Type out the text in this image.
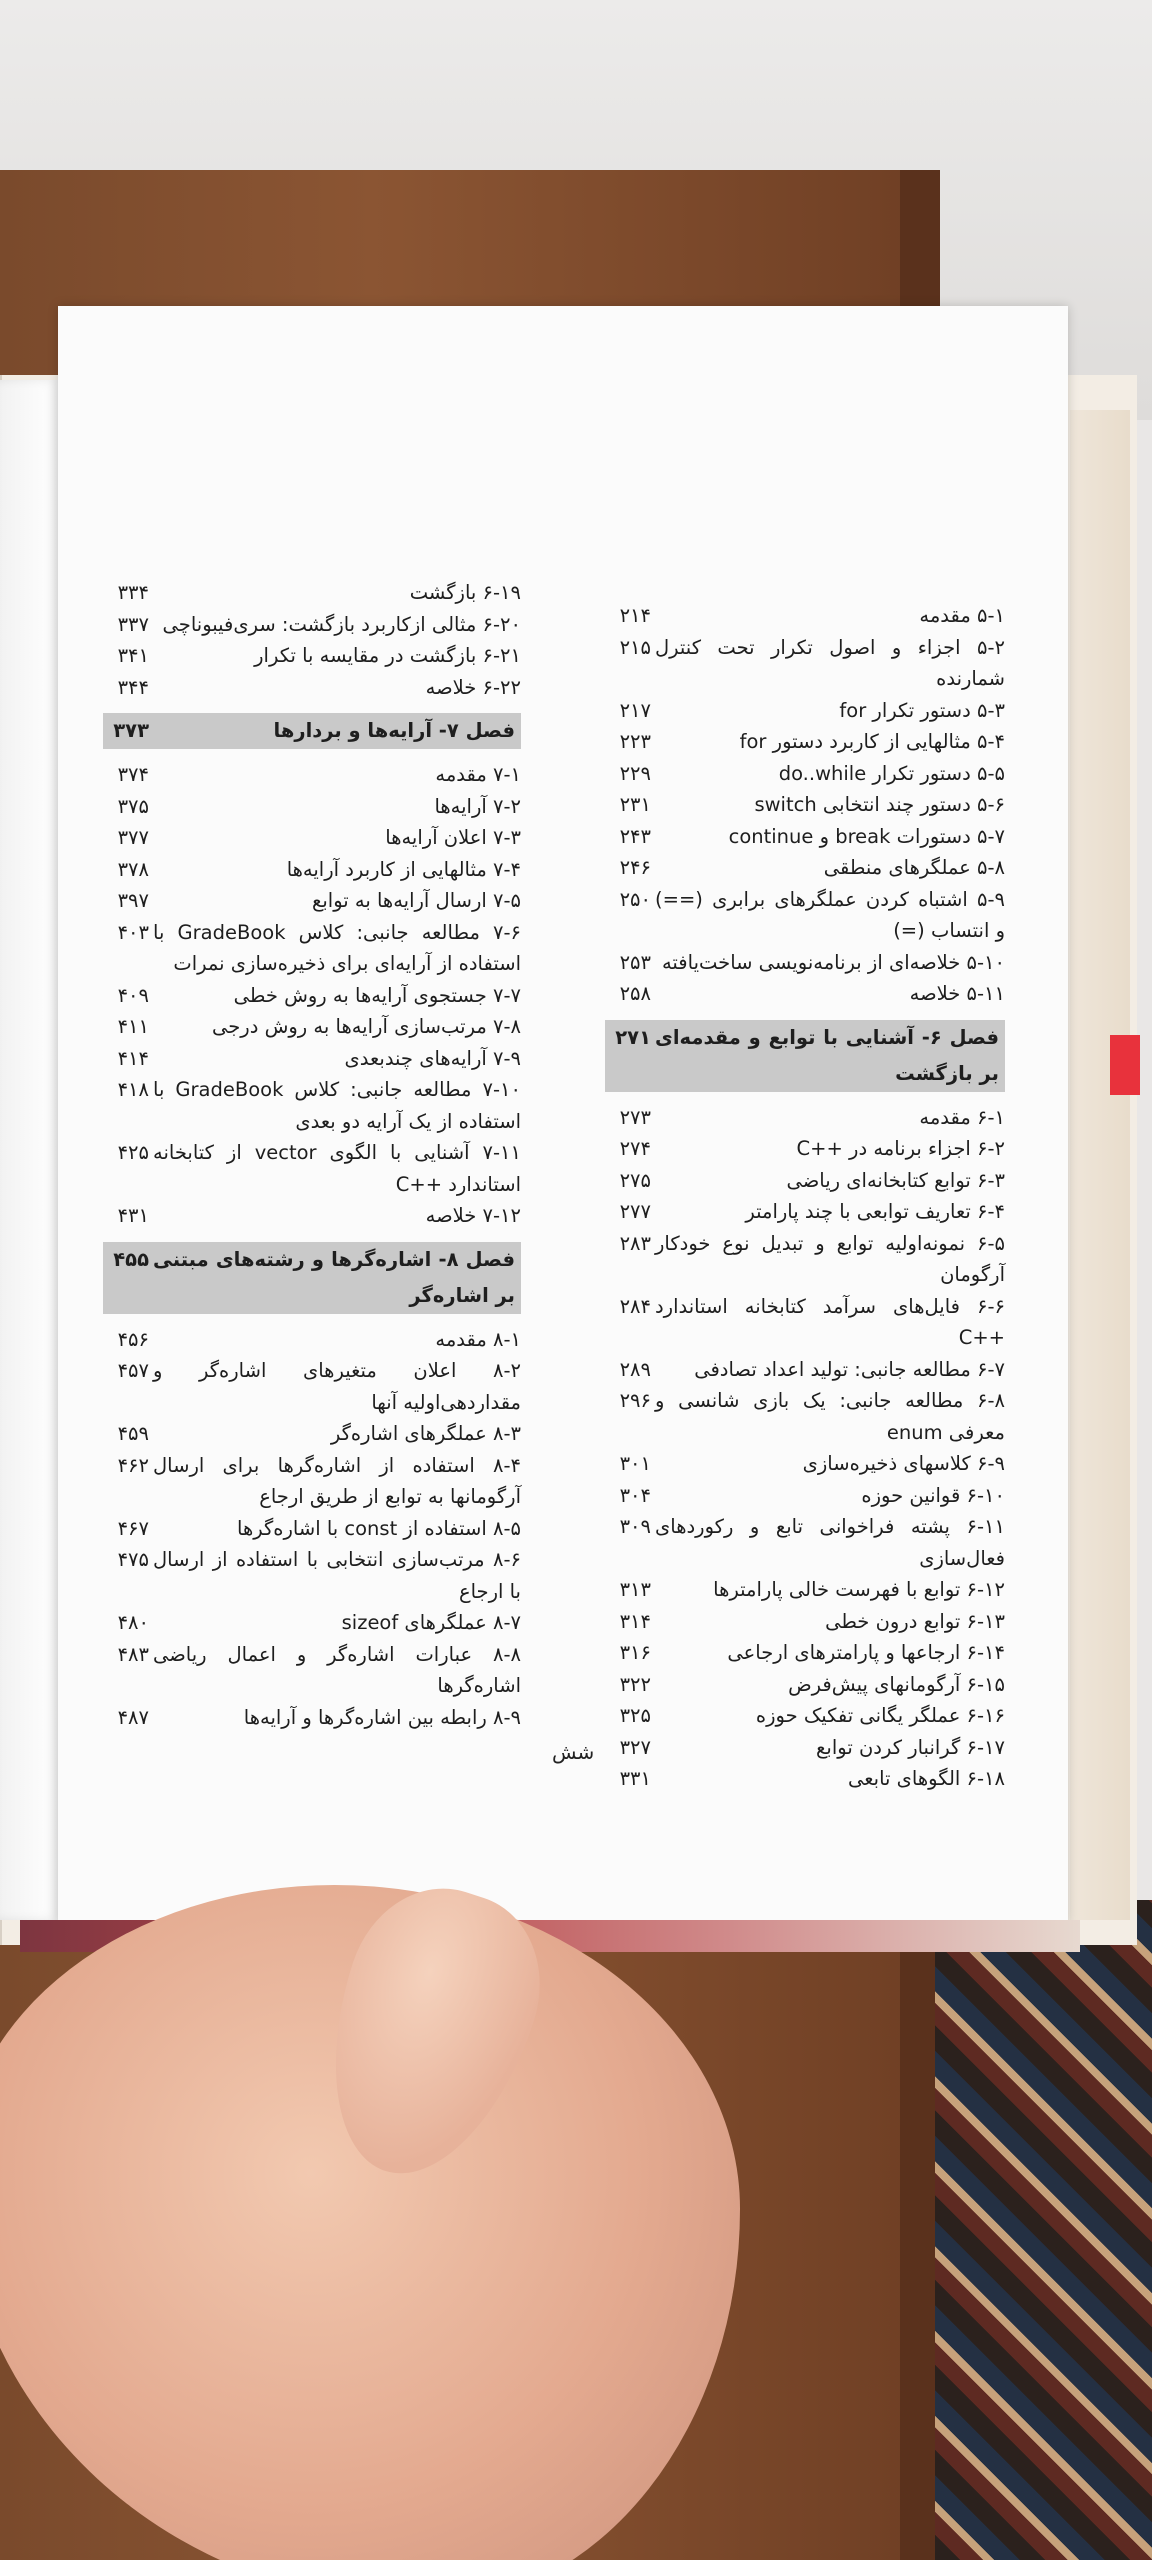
۵-۱ مقدمه
۲۱۴
۵-۲ اجزاء و اصول تکرار تحت کنترل شمارنده
۲۱۵
۵-۳ دستور تکرار for
۲۱۷
۵-۴ مثالهایی از کاربرد دستور for
۲۲۳
۵-۵ دستور تکرار do..while
۲۲۹
۵-۶ دستور چند انتخابی switch
۲۳۱
۵-۷ دستورات break و continue
۲۴۳
۵-۸ عملگرهای منطقی
۲۴۶
۵-۹ اشتباه کردن عملگرهای برابری (==) و انتساب (=)
۲۵۰
۵-۱۰ خلاصه‌ای از برنامه‌نویسی ساخت‌یافته
۲۵۳
۵-۱۱ خلاصه
۲۵۸
فصل ۶- آشنایی با توابع و مقدمه‌ای بر بازگشت
۲۷۱
۶-۱ مقدمه
۲۷۳
۶-۲ اجزاء برنامه در ++C
۲۷۴
۶-۳ توابع کتابخانه‌ای ریاضی
۲۷۵
۶-۴ تعاریف توابعی با چند پارامتر
۲۷۷
۶-۵ نمونه‌اولیه توابع و تبدیل نوع خودکار آرگومان
۲۸۳
۶-۶ فایل‌های سرآمد کتابخانه استاندارد ++C
۲۸۴
۶-۷ مطالعه جانبی: تولید اعداد تصادفی
۲۸۹
۶-۸ مطالعه جانبی: یک بازی شانسی و معرفی enum
۲۹۶
۶-۹ کلاسهای ذخیره‌سازی
۳۰۱
۶-۱۰ قوانین حوزه
۳۰۴
۶-۱۱ پشته فراخوانی تابع و رکوردهای فعال‌سازی
۳۰۹
۶-۱۲ توابع با فهرست خالی پارامترها
۳۱۳
۶-۱۳ توابع درون خطی
۳۱۴
۶-۱۴ ارجاعها و پارامترهای ارجاعی
۳۱۶
۶-۱۵ آرگومانهای پیش‌فرض
۳۲۲
۶-۱۶ عملگر یگانی تفکیک حوزه
۳۲۵
۶-۱۷ گرانبار کردن توابع
۳۲۷
۶-۱۸ الگوهای تابعی
۳۳۱
۶-۱۹ بازگشت
۳۳۴
۶-۲۰ مثالی ازکاربرد بازگشت: سری‌فیبوناچی
۳۳۷
۶-۲۱ بازگشت در مقایسه با تکرار
۳۴۱
۶-۲۲ خلاصه
۳۴۴
فصل ۷- آرایه‌ها و بردارها
۳۷۳
۷-۱ مقدمه
۳۷۴
۷-۲ آرایه‌ها
۳۷۵
۷-۳ اعلان آرایه‌ها
۳۷۷
۷-۴ مثالهایی از کاربرد آرایه‌ها
۳۷۸
۷-۵ ارسال آرایه‌ها به توابع
۳۹۷
۷-۶ مطالعه جانبی: کلاس GradeBook با استفاده از آرایه‌ای برای ذخیره‌سازی نمرات
۴۰۳
۷-۷ جستجوی آرایه‌ها به روش خطی
۴۰۹
۷-۸ مرتب‌سازی آرایه‌ها به روش درجی
۴۱۱
۷-۹ آرایه‌های چندبعدی
۴۱۴
۷-۱۰ مطالعه جانبی: کلاس GradeBook با استفاده از یک آرایه دو بعدی
۴۱۸
۷-۱۱ آشنایی با الگوی vector از کتابخانه استاندارد ++C
۴۲۵
۷-۱۲ خلاصه
۴۳۱
فصل ۸- اشاره‌گرها و رشته‌های مبتنی بر اشاره‌گر
۴۵۵
۸-۱ مقدمه
۴۵۶
۸-۲ اعلان متغیرهای اشاره‌گر و مقداردهی‌اولیه آنها
۴۵۷
۸-۳ عملگرهای اشاره‌گر
۴۵۹
۸-۴ استفاده از اشاره‌گرها برای ارسال آرگومانها به توابع از طریق ارجاع
۴۶۲
۸-۵ استفاده از const با اشاره‌گرها
۴۶۷
۸-۶ مرتب‌سازی انتخابی با استفاده از ارسال با ارجاع
۴۷۵
۸-۷ عملگرهای sizeof
۴۸۰
۸-۸ عبارات اشاره‌گر و اعمال ریاضی اشاره‌گرها
۴۸۳
۸-۹ رابطه بین اشاره‌گرها و آرایه‌ها
۴۸۷
شش
